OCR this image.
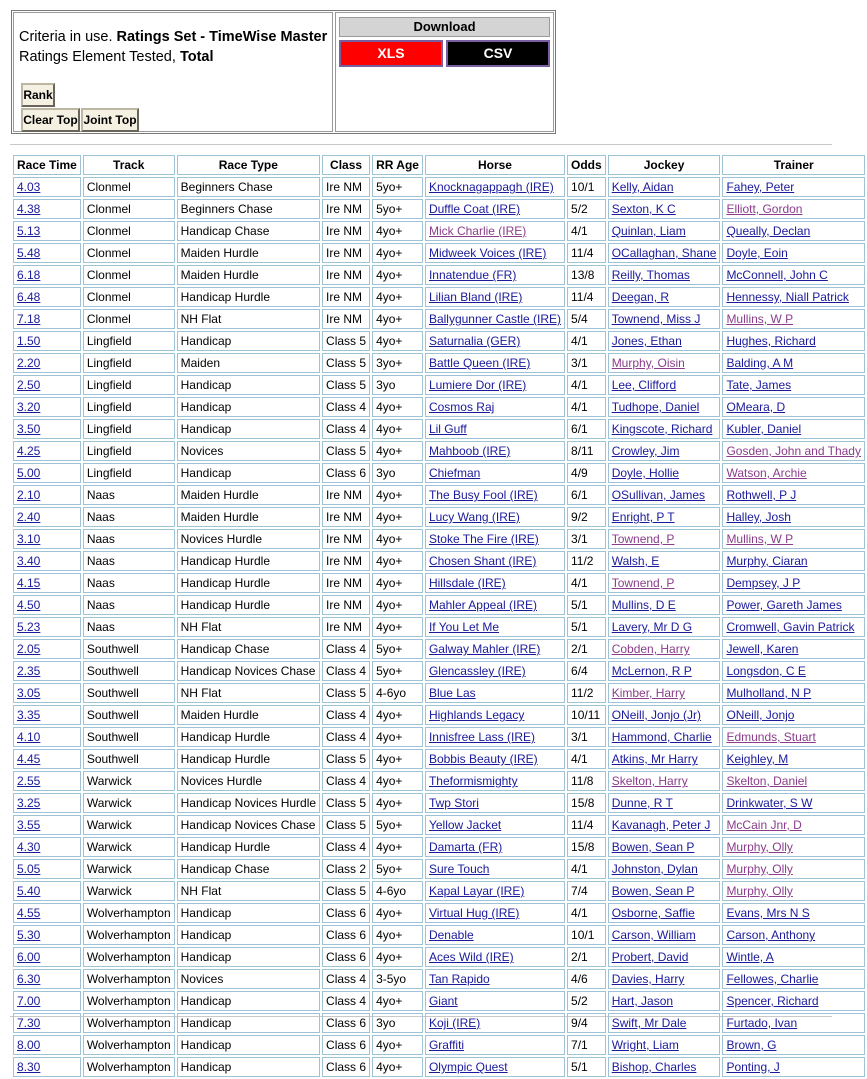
Criteria in use. Ratings Set - TimeWise Master
Ratings Element Tested, Total
Rank
Clear Top Joint Top
Download
XLS	CSV
Race Time	Track	Race Type	Class	RR Age	Horse	Odds	Jockey	Trainer
4.03	Clonmel	Beginners Chase	Ire NM	5yo+	Knocknagappagh (IRE)	10/1	Kelly, Aidan	Fahey, Peter
4.38	Clonmel	Beginners Chase	Ire NM	5yo+	Duffle Coat (IRE)	5/2	Sexton, K C	Elliott, Gordon
5.13	Clonmel	Handicap Chase	Ire NM	4yo+	Mick Charlie (IRE)	4/1	Quinlan, Liam	Queally, Declan
5.48	Clonmel	Maiden Hurdle	Ire NM	4yo+	Midweek Voices (IRE)	11/4	OCallaghan, Shane	Doyle, Eoin
6.18	Clonmel	Maiden Hurdle	Ire NM	4yo+	Innatendue (FR)	13/8	Reilly, Thomas	McConnell, John C
6.48	Clonmel	Handicap Hurdle	Ire NM	4yo+	Lilian Bland (IRE)	11/4	Deegan, R	Hennessy, Niall Patrick
7.18	Clonmel	NH Flat	Ire NM	4yo+	Ballygunner Castle (IRE)	5/4	Townend, Miss J	Mullins, W P
1.50	Lingfield	Handicap	Class 5	4yo+	Saturnalia (GER)	4/1	Jones, Ethan	Hughes, Richard
2.20	Lingfield	Maiden	Class 5	3yo+	Battle Queen (IRE)	3/1	Murphy, Oisin	Balding, A M
2.50	Lingfield	Handicap	Class 5	3yo	Lumiere Dor (IRE)	4/1	Lee, Clifford	Tate, James
3.20	Lingfield	Handicap	Class 4	4yo+	Cosmos Raj	4/1	Tudhope, Daniel	OMeara, D
3.50	Lingfield	Handicap	Class 4	4yo+	Lil Guff	6/1	Kingscote, Richard	Kubler, Daniel
4.25	Lingfield	Novices	Class 5	4yo+	Mahboob (IRE)	8/11	Crowley, Jim	Gosden, John and Thady
5.00	Lingfield	Handicap	Class 6	3yo	Chiefman	4/9	Doyle, Hollie	Watson, Archie
2.10	Naas	Maiden Hurdle	Ire NM	4yo+	The Busy Fool (IRE)	6/1	OSullivan, James	Rothwell, P J
2.40	Naas	Maiden Hurdle	Ire NM	4yo+	Lucy Wang (IRE)	9/2	Enright, P T	Halley, Josh
3.10	Naas	Novices Hurdle	Ire NM	4yo+	Stoke The Fire (IRE)	3/1	Townend, P	Mullins, W P
3.40	Naas	Handicap Hurdle	Ire NM	4yo+	Chosen Shant (IRE)	11/2	Walsh, E	Murphy, Ciaran
4.15	Naas	Handicap Hurdle	Ire NM	4yo+	Hillsdale (IRE)	4/1	Townend, P	Dempsey, J P
4.50	Naas	Handicap Hurdle	Ire NM	4yo+	Mahler Appeal (IRE)	5/1	Mullins, D E	Power, Gareth James
5.23	Naas	NH Flat	Ire NM	4yo+	If You Let Me	5/1	Lavery, Mr D G	Cromwell, Gavin Patrick
2.05	Southwell	Handicap Chase	Class 4	5yo+	Galway Mahler (IRE)	2/1	Cobden, Harry	Jewell, Karen
2.35	Southwell	Handicap Novices Chase	Class 4	5yo+	Glencassley (IRE)	6/4	McLernon, R P	Longsdon, C E
3.05	Southwell	NH Flat	Class 5	4-6yo	Blue Las	11/2	Kimber, Harry	Mulholland, N P
3.35	Southwell	Maiden Hurdle	Class 4	4yo+	Highlands Legacy	10/11	ONeill, Jonjo (Jr)	ONeill, Jonjo
4.10	Southwell	Handicap Hurdle	Class 4	4yo+	Innisfree Lass (IRE)	3/1	Hammond, Charlie	Edmunds, Stuart
4.45	Southwell	Handicap Hurdle	Class 5	4yo+	Bobbis Beauty (IRE)	4/1	Atkins, Mr Harry	Keighley, M
2.55	Warwick	Novices Hurdle	Class 4	4yo+	Theformismighty	11/8	Skelton, Harry	Skelton, Daniel
3.25	Warwick	Handicap Novices Hurdle	Class 5	4yo+	Twp Stori	15/8	Dunne, R T	Drinkwater, S W
3.55	Warwick	Handicap Novices Chase	Class 5	5yo+	Yellow Jacket	11/4	Kavanagh, Peter J	McCain Jnr, D
4.30	Warwick	Handicap Hurdle	Class 4	4yo+	Damarta (FR)	15/8	Bowen, Sean P	Murphy, Olly
5.05	Warwick	Handicap Chase	Class 2	5yo+	Sure Touch	4/1	Johnston, Dylan	Murphy, Olly
5.40	Warwick	NH Flat	Class 5	4-6yo	Kapal Layar (IRE)	7/4	Bowen, Sean P	Murphy, Olly
4.55	Wolverhampton	Handicap	Class 6	4yo+	Virtual Hug (IRE)	4/1	Osborne, Saffie	Evans, Mrs N S
5.30	Wolverhampton	Handicap	Class 6	4yo+	Denable	10/1	Carson, William	Carson, Anthony
6.00	Wolverhampton	Handicap	Class 6	4yo+	Aces Wild (IRE)	2/1	Probert, David	Wintle, A
6.30	Wolverhampton	Novices	Class 4	3-5yo	Tan Rapido	4/6	Davies, Harry	Fellowes, Charlie
7.00	Wolverhampton	Handicap	Class 4	4yo+	Giant	5/2	Hart, Jason	Spencer, Richard
7.30	Wolverhampton	Handicap	Class 6	3yo	Koji (IRE)	9/4	Swift, Mr Dale	Furtado, Ivan
8.00	Wolverhampton	Handicap	Class 6	4yo+	Graffiti	7/1	Wright, Liam	Brown, G
8.30	Wolverhampton	Handicap	Class 6	4yo+	Olympic Quest	5/1	Bishop, Charles	Ponting, J
